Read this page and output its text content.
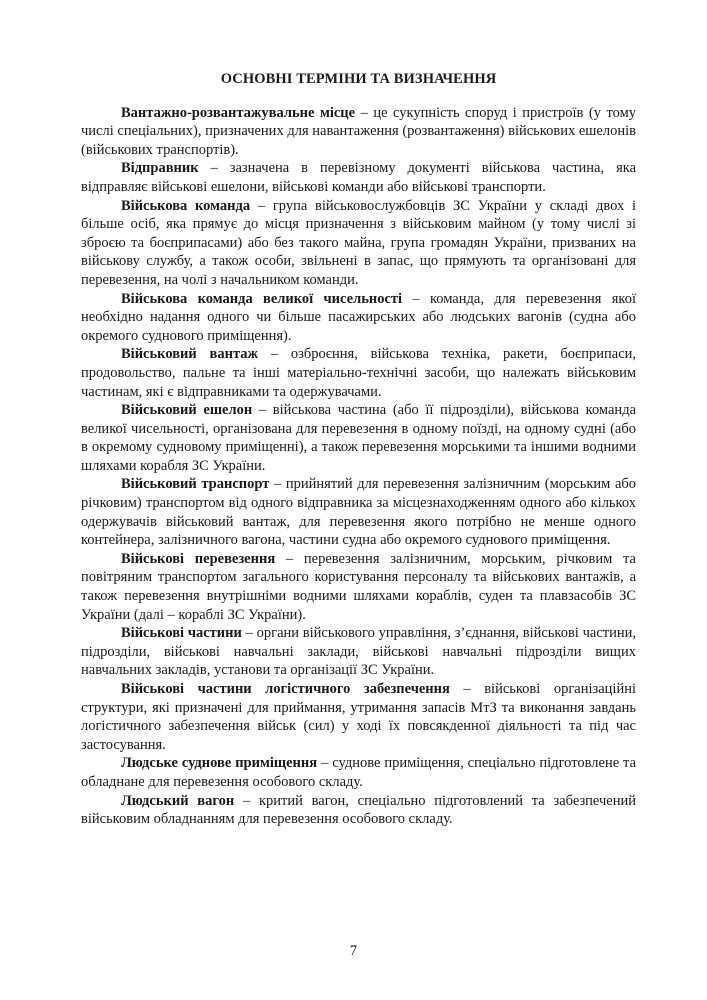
ОСНОВНІ ТЕРМІНИ ТА ВИЗНАЧЕННЯ

Вантажно-розвантажувальне місце – це сукупність споруд і пристроїв (у тому числі спеціальних), призначених для навантаження (розвантаження) військових ешелонів (військових транспортів).

Відправник – зазначена в перевізному документі військова частина, яка відправляє військові ешелони, військові команди або військові транспорти.

Військова команда – група військовослужбовців ЗС України у складі двох і більше осіб, яка прямує до місця призначення з військовим майном (у тому числі зі зброєю та боєприпасами) або без такого майна, група громадян України, призваних на військову службу, а також особи, звільнені в запас, що прямують та організовані для перевезення, на чолі з начальником команди.

Військова команда великої чисельності – команда, для перевезення якої необхідно надання одного чи більше пасажирських або людських вагонів (судна або окремого суднового приміщення).

Військовий вантаж – озброєння, військова техніка, ракети, боєприпаси, продовольство, пальне та інші матеріально-технічні засоби, що належать військовим частинам, які є відправниками та одержувачами.

Військовий ешелон – військова частина (або її підрозділи), військова команда великої чисельності, організована для перевезення в одному поїзді, на одному судні (або в окремому судновому приміщенні), а також перевезення морськими та іншими водними шляхами корабля ЗС України.

Військовий транспорт – прийнятий для перевезення залізничним (морським або річковим) транспортом від одного відправника за місцезнаходженням одного або кількох одержувачів військовий вантаж, для перевезення якого потрібно не менше одного контейнера, залізничного вагона, частини судна або окремого суднового приміщення.

Військові перевезення – перевезення залізничним, морським, річковим та повітряним транспортом загального користування персоналу та військових вантажів, а також перевезення внутрішніми водними шляхами кораблів, суден та плавзасобів ЗС України (далі – кораблі ЗС України).

Військові частини – органи військового управління, з’єднання, військові частини, підрозділи, військові навчальні заклади, військові навчальні підрозділи вищих навчальних закладів, установи та організації ЗС України.

Військові частини логістичного забезпечення – військові організаційні структури, які призначені для приймання, утримання запасів МтЗ та виконання завдань логістичного забезпечення військ (сил) у ході їх повсякденної діяльності та під час застосування.

Людське суднове приміщення – суднове приміщення, спеціально підготовлене та обладнане для перевезення особового складу.

Людський вагон – критий вагон, спеціально підготовлений та забезпечений військовим обладнанням для перевезення особового складу.

7
